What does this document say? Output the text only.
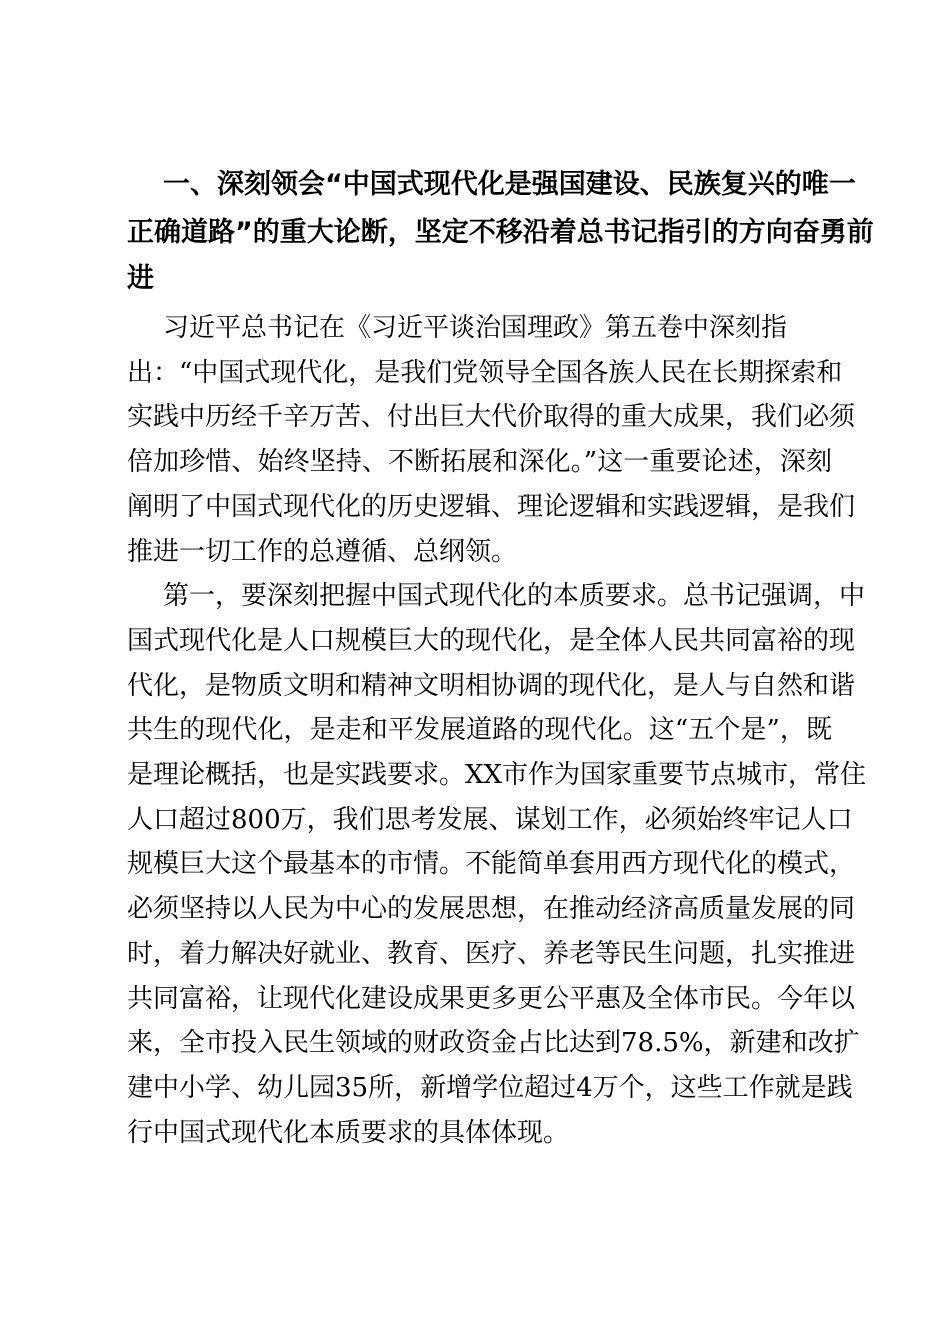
一、深刻领会“中国式现代化是强国建设、民族复兴的唯一
正确道路”的重大论断，坚定不移沿着总书记指引的方向奋勇前
进
习近平总书记在《习近平谈治国理政》第五卷中深刻指
出：“中国式现代化，是我们党领导全国各族人民在长期探索和
实践中历经千辛万苦、付出巨大代价取得的重大成果，我们必须
倍加珍惜、始终坚持、不断拓展和深化。”这一重要论述，深刻
阐明了中国式现代化的历史逻辑、理论逻辑和实践逻辑，是我们
推进一切工作的总遵循、总纲领。
第一，要深刻把握中国式现代化的本质要求。总书记强调，中
国式现代化是人口规模巨大的现代化，是全体人民共同富裕的现
代化，是物质文明和精神文明相协调的现代化，是人与自然和谐
共生的现代化，是走和平发展道路的现代化。这“五个是”，既
是理论概括，也是实践要求。XX市作为国家重要节点城市，常住
人口超过800万，我们思考发展、谋划工作，必须始终牢记人口
规模巨大这个最基本的市情。不能简单套用西方现代化的模式，
必须坚持以人民为中心的发展思想，在推动经济高质量发展的同
时，着力解决好就业、教育、医疗、养老等民生问题，扎实推进
共同富裕，让现代化建设成果更多更公平惠及全体市民。今年以
来，全市投入民生领域的财政资金占比达到78.5%，新建和改扩
建中小学、幼儿园35所，新增学位超过4万个，这些工作就是践
行中国式现代化本质要求的具体体现。
